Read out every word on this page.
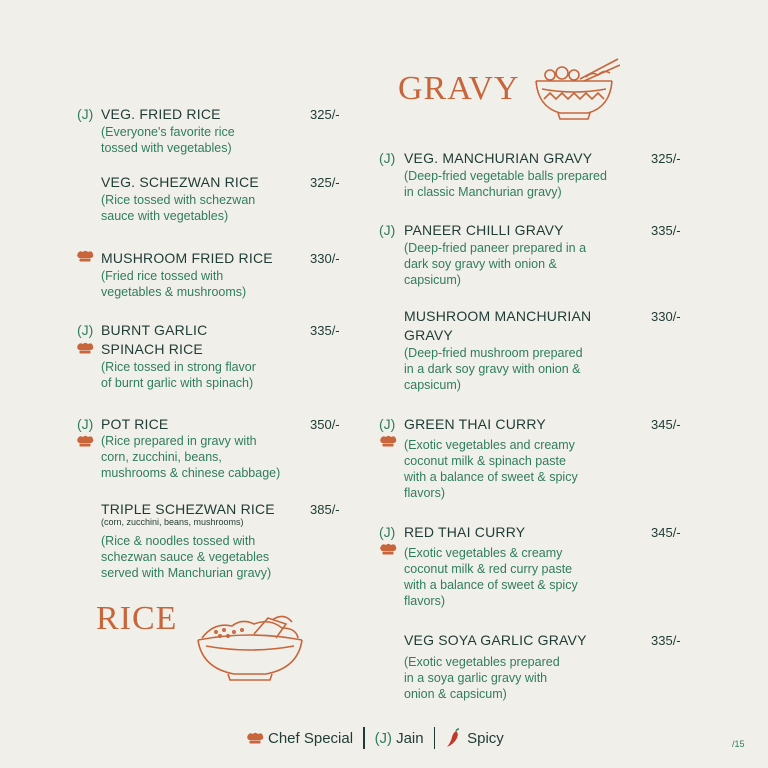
RICE
GRAVY
(J) VEG. FRIED RICE	325/-
(Everyone's favorite rice
tossed with vegetables)
VEG. SCHEZWAN RICE	325/-
(Rice tossed with schezwan
sauce with vegetables)
MUSHROOM FRIED RICE	330/-
(Fried rice tossed with
vegetables & mushrooms)
(J) BURNT GARLIC	335/-
SPINACH RICE
(Rice tossed in strong flavor
of burnt garlic with spinach)
(J) POT RICE	350/-
(Rice prepared in gravy with
corn, zucchini, beans,
mushrooms & chinese cabbage)
TRIPLE SCHEZWAN RICE	385/-
(corn, zucchini, beans, mushrooms)
(Rice & noodles tossed with
schezwan sauce & vegetables
served with Manchurian gravy)
(J) VEG. MANCHURIAN GRAVY	325/-
(Deep-fried vegetable balls prepared
in classic Manchurian gravy)
(J) PANEER CHILLI GRAVY	335/-
(Deep-fried paneer prepared in a
dark soy gravy with onion &
capsicum)
MUSHROOM MANCHURIAN	330/-
GRAVY
(Deep-fried mushroom prepared
in a dark soy gravy with onion &
capsicum)
(J) GREEN THAI CURRY	345/-
(Exotic vegetables and creamy
coconut milk & spinach paste
with a balance of sweet & spicy
flavors)
(J) RED THAI CURRY	345/-
(Exotic vegetables & creamy
coconut milk & red curry paste
with a balance of sweet & spicy
flavors)
VEG SOYA GARLIC GRAVY	335/-
(Exotic vegetables prepared
in a soya garlic gravy with
onion & capsicum)
Chef Special (J) Jain	Spicy	/15
